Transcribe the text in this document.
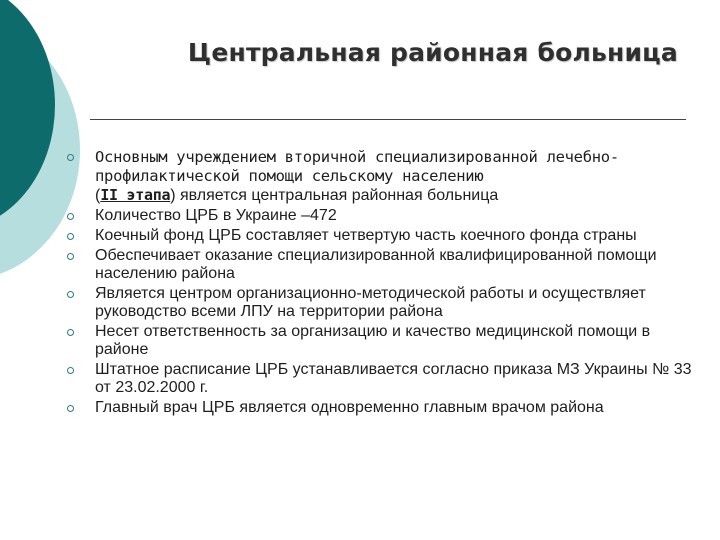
Центральная районная больница
Основным учреждением вторичной специализированной лечебно-профилактической помощи сельскому населению
(II этапа) является центральная районная больница
Количество ЦРБ в Украине –472
Коечный фонд ЦРБ составляет четвертую часть коечного фонда страны
Обеспечивает оказание специализированной квалифицированной помощи населению района
Является центром организационно-методической работы и осуществляет руководство всеми ЛПУ на территории района
Несет ответственность за организацию и качество медицинской помощи в районе
Штатное расписание ЦРБ устанавливается согласно приказа МЗ Украины № 33 от 23.02.2000 г.
Главный врач ЦРБ является одновременно главным врачом района
